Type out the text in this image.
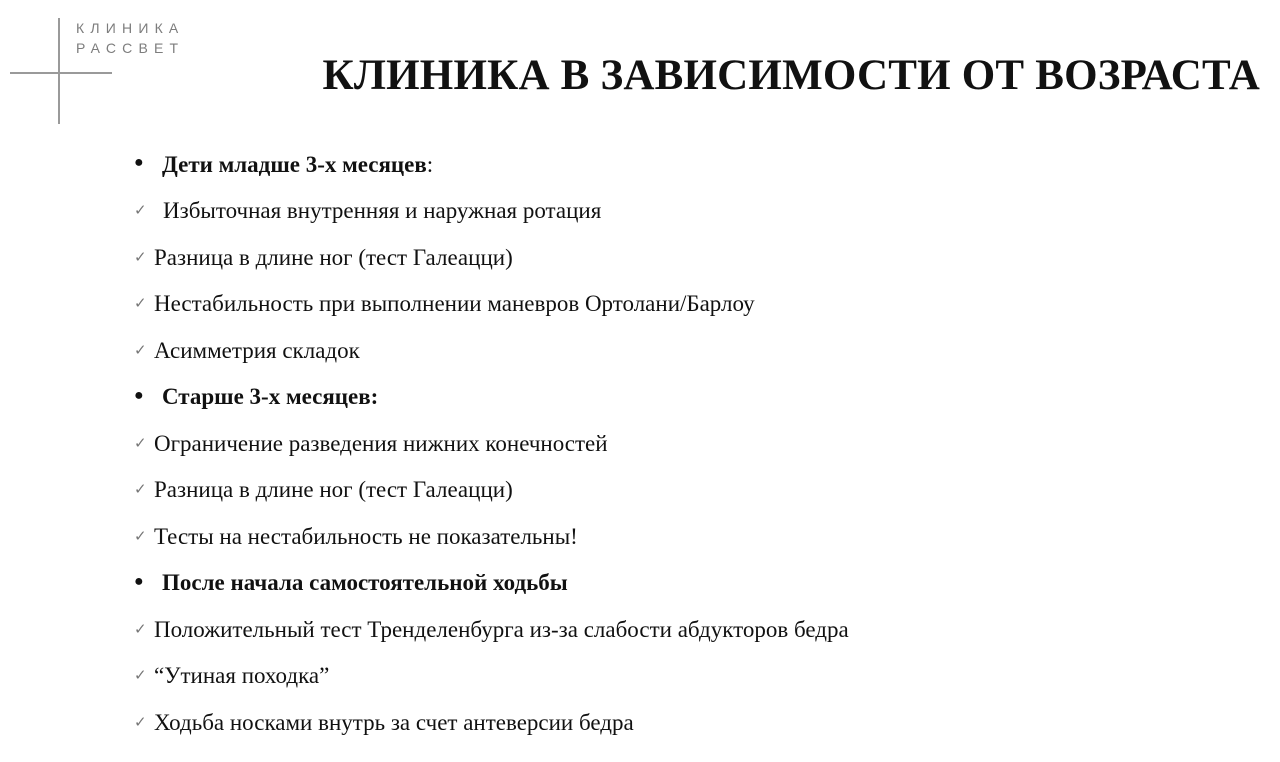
КЛИНИКА
РАССВЕТ
КЛИНИКА В ЗАВИСИМОСТИ ОТ ВОЗРАСТА
● Дети младше 3-х месяцев :
✓ Избыточная внутренняя и наружная ротация
✓ Разница в длине ног (тест Галеацци)
✓ Нестабильность при выполнении маневров Ортолани/Барлоу
✓ Асимметрия складок
● Старше 3-х месяцев:
✓ Ограничение разведения нижних конечностей
✓ Разница в длине ног (тест Галеацци)
✓ Тесты на нестабильность не показательны!
● После начала самостоятельной ходьбы
✓ Положительный тест Тренделенбурга из-за слабости абдукторов бедра
✓ “Утиная походка”
✓ Ходьба носками внутрь за счет антеверсии бедра
